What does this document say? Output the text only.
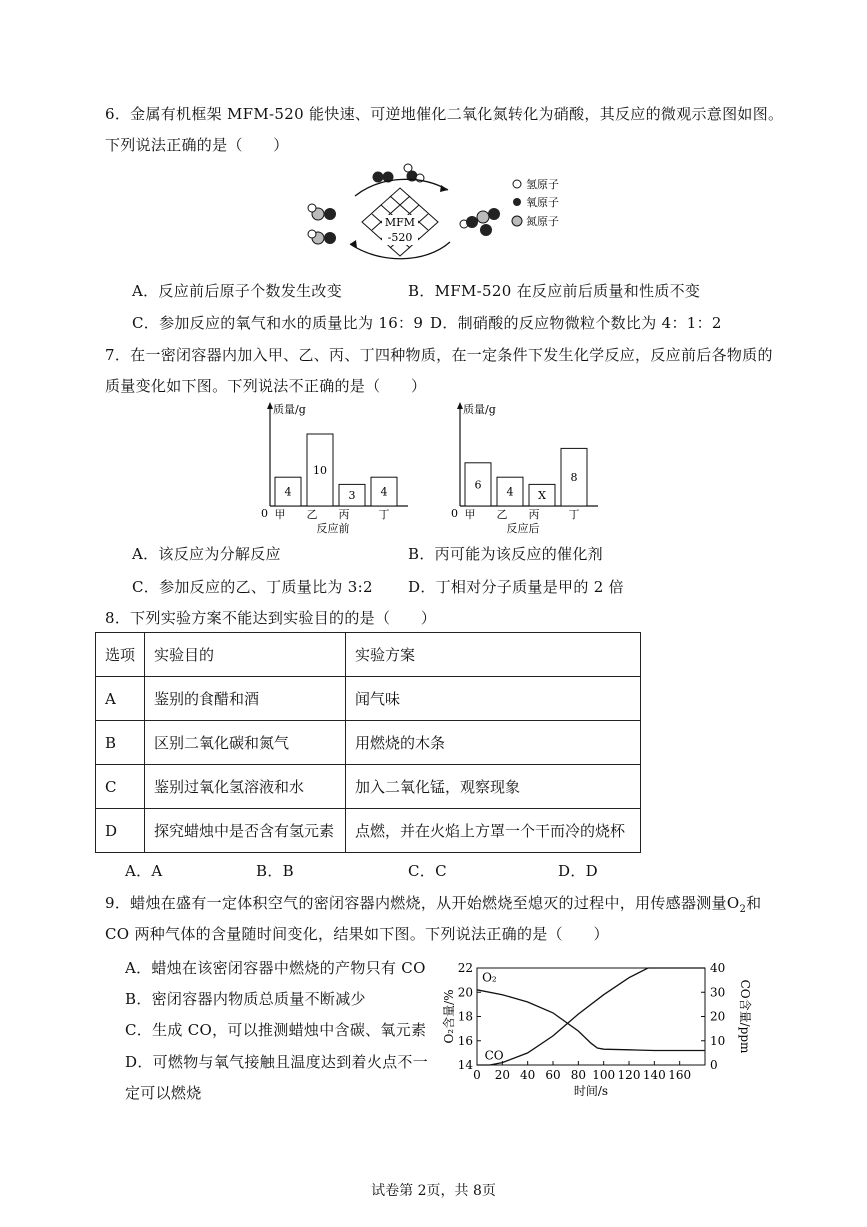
6．金属有机框架 MFM-520 能快速、可逆地催化二氧化氮转化为硝酸，其反应的微观示意图如图。
下列说法正确的是（　　）
MFM
-520
氢原子
氧原子
氮原子
A．反应前后原子个数发生改变	B．MFM-520 在反应前后质量和性质不变
C．参加反应的氧气和水的质量比为 16：9 D．制硝酸的反应物微粒个数比为 4：1：2
7．在一密闭容器内加入甲、乙、丙、丁四种物质，在一定条件下发生化学反应，反应前后各物质的
质量变化如下图。下列说法不正确的是（　　）
质量/g
0
4
甲
10
乙
3
丙
4
丁
反应前
质量/g
0
6
甲
4
乙
X
丙
8
丁
反应后
A．该反应为分解反应	B．丙可能为该反应的催化剂
C．参加反应的乙、丁质量比为 3:2 D．丁相对分子质量是甲的 2 倍
8．下列实验方案不能达到实验目的的是（　　）
选项	实验目的	实验方案
A	鉴别的食醋和酒	闻气味
B	区别二氧化碳和氮气	用燃烧的木条
C	鉴别过氧化氢溶液和水	加入二氧化锰，观察现象
D	探究蜡烛中是否含有氢元素	点燃，并在火焰上方罩一个干而冷的烧杯
A．A	B．B	C．C	D．D
9．蜡烛在盛有一定体积空气的密闭容器内燃烧，从开始燃烧至熄灭的过程中，用传感器测量$O_2$和
CO 两种气体的含量随时间变化，结果如下图。下列说法正确的是（　　）
A．蜡烛在该密闭容器中燃烧的产物只有 CO
B．密闭容器内物质总质量不断减少
C．生成 CO，可以推测蜡烛中含碳、氧元素
D．可燃物与氧气接触且温度达到着火点不一
定可以燃烧
0 20 40 60 80 100 120 140 160
14
16
18
20
22
0
10
20
30
40
时间/s
O₂含量/%	CO含量/ppm
O₂
CO
试卷第 2页，共 8页
